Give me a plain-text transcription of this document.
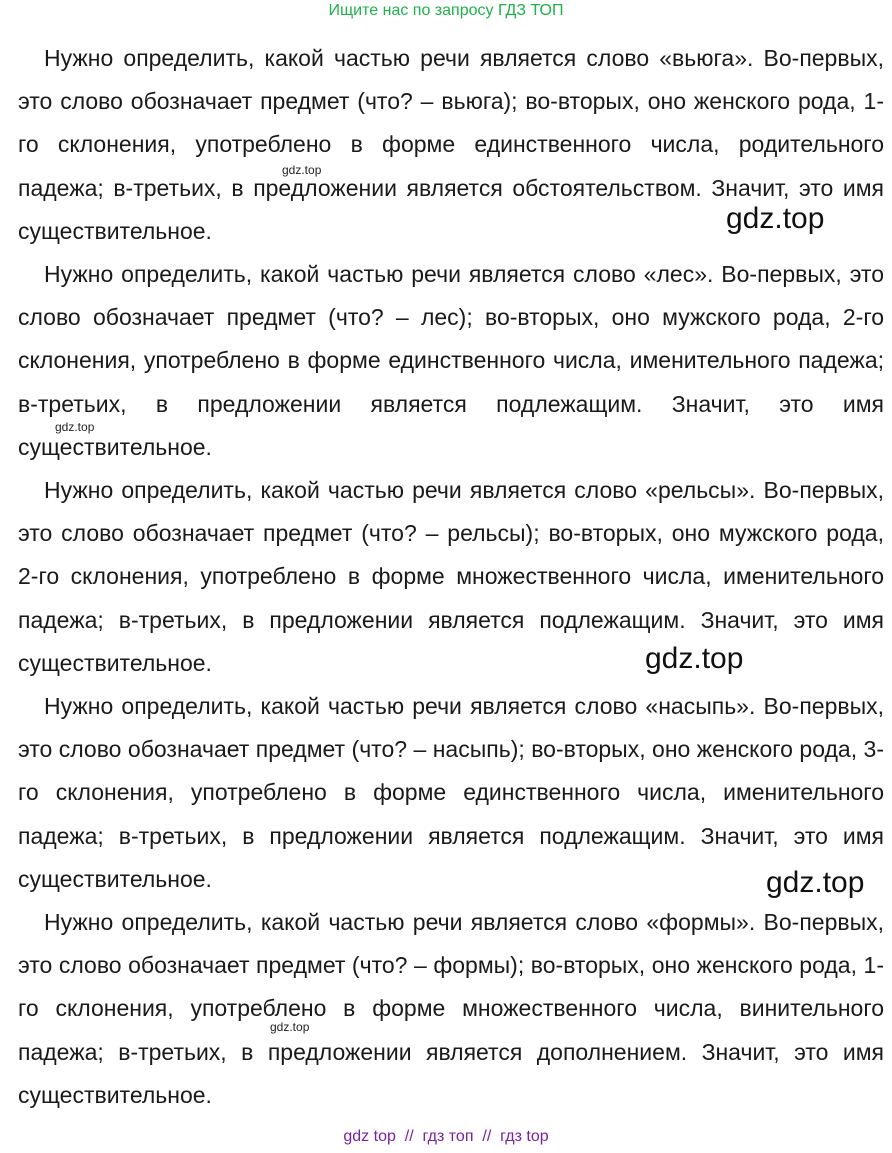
Ищите нас по запросу ГДЗ ТОП

Нужно определить, какой частью речи является слово «вьюга». Во-первых, это слово обозначает предмет (что? – вьюга); во-вторых, оно женского рода, 1-го склонения, употреблено в форме единственного числа, родительного падежа; в-третьих, в предложении является обстоятельством. Значит, это имя существительное.

Нужно определить, какой частью речи является слово «лес». Во-первых, это слово обозначает предмет (что? – лес); во-вторых, оно мужского рода, 2-го склонения, употреблено в форме единственного числа, именительного падежа; в-третьих, в предложении является подлежащим. Значит, это имя существительное.

Нужно определить, какой частью речи является слово «рельсы». Во-первых, это слово обозначает предмет (что? – рельсы); во-вторых, оно мужского рода, 2-го склонения, употреблено в форме множественного числа, именительного падежа; в-третьих, в предложении является подлежащим. Значит, это имя существительное.

Нужно определить, какой частью речи является слово «насыпь». Во-первых, это слово обозначает предмет (что? – насыпь); во-вторых, оно женского рода, 3-го склонения, употреблено в форме единственного числа, именительного падежа; в-третьих, в предложении является подлежащим. Значит, это имя существительное.

Нужно определить, какой частью речи является слово «формы». Во-первых, это слово обозначает предмет (что? – формы); во-вторых, оно женского рода, 1-го склонения, употреблено в форме множественного числа, винительного падежа; в-третьих, в предложении является дополнением. Значит, это имя существительное.

gdz.top
gdz.top
gdz.top
gdz.top
gdz.top
gdz.top
gdz top  //  гдз топ  //  гдз top
